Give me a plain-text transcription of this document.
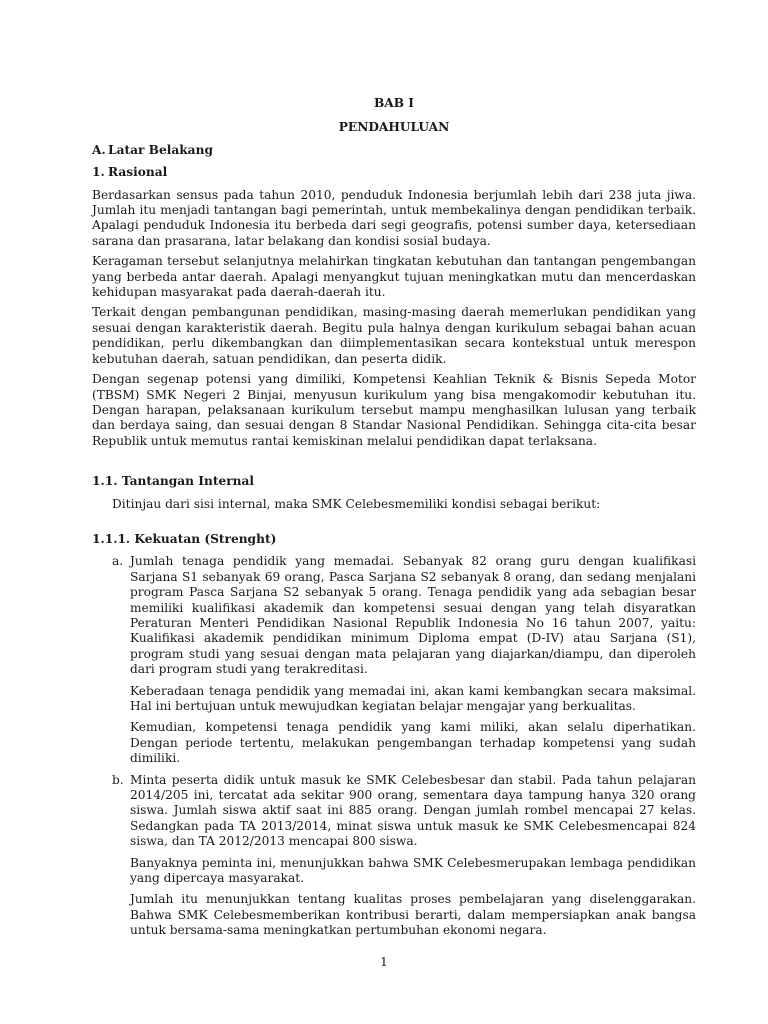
BAB I

PENDAHULUAN

A. Latar Belakang

1. Rasional

Berdasarkan sensus pada tahun 2010, penduduk Indonesia berjumlah lebih dari 238 juta jiwa. Jumlah itu menjadi tantangan bagi pemerintah, untuk membekalinya dengan pendidikan terbaik. Apalagi penduduk Indonesia itu berbeda dari segi geografis, potensi sumber daya, ketersediaan sarana dan prasarana, latar belakang dan kondisi sosial budaya.

Keragaman tersebut selanjutnya melahirkan tingkatan kebutuhan dan tantangan pengembangan yang berbeda antar daerah. Apalagi menyangkut tujuan meningkatkan mutu dan mencerdaskan kehidupan masyarakat pada daerah-daerah itu.

Terkait dengan pembangunan pendidikan, masing-masing daerah memerlukan pendidikan yang sesuai dengan karakteristik daerah. Begitu pula halnya dengan kurikulum sebagai bahan acuan pendidikan, perlu dikembangkan dan diimplementasikan secara kontekstual untuk merespon kebutuhan daerah, satuan pendidikan, dan peserta didik.

Dengan segenap potensi yang dimiliki, Kompetensi Keahlian Teknik & Bisnis Sepeda Motor (TBSM) SMK Negeri 2 Binjai, menyusun kurikulum yang bisa mengakomodir kebutuhan itu. Dengan harapan, pelaksanaan kurikulum tersebut mampu menghasilkan lulusan yang terbaik dan berdaya saing, dan sesuai dengan 8 Standar Nasional Pendidikan. Sehingga cita-cita besar Republik untuk memutus rantai kemiskinan melalui pendidikan dapat terlaksana.

1.1. Tantangan Internal

Ditinjau dari sisi internal, maka SMK Celebesmemiliki kondisi sebagai berikut:

1.1.1. Kekuatan (Strenght)

a. Jumlah tenaga pendidik yang memadai. Sebanyak 82 orang guru dengan kualifikasi Sarjana S1 sebanyak 69 orang, Pasca Sarjana S2 sebanyak 8 orang, dan sedang menjalani program Pasca Sarjana S2 sebanyak 5 orang. Tenaga pendidik yang ada sebagian besar memiliki kualifikasi akademik dan kompetensi sesuai dengan yang telah disyaratkan Peraturan Menteri Pendidikan Nasional Republik Indonesia No 16 tahun 2007, yaitu: Kualifikasi akademik pendidikan minimum Diploma empat (D-IV) atau Sarjana (S1), program studi yang sesuai dengan mata pelajaran yang diajarkan/diampu, dan diperoleh dari program studi yang terakreditasi.

Keberadaan tenaga pendidik yang memadai ini, akan kami kembangkan secara maksimal. Hal ini bertujuan untuk mewujudkan kegiatan belajar mengajar yang berkualitas.

Kemudian, kompetensi tenaga pendidik yang kami miliki, akan selalu diperhatikan. Dengan periode tertentu, melakukan pengembangan terhadap kompetensi yang sudah dimiliki.

b. Minta peserta didik untuk masuk ke SMK Celebesbesar dan stabil. Pada tahun pelajaran 2014/205 ini, tercatat ada sekitar 900 orang, sementara daya tampung hanya 320 orang siswa. Jumlah siswa aktif saat ini 885 orang. Dengan jumlah rombel mencapai 27 kelas. Sedangkan pada TA 2013/2014, minat siswa untuk masuk ke SMK Celebesmencapai 824 siswa, dan TA 2012/2013 mencapai 800 siswa.

Banyaknya peminta ini, menunjukkan bahwa SMK Celebesmerupakan lembaga pendidikan yang dipercaya masyarakat.

Jumlah itu menunjukkan tentang kualitas proses pembelajaran yang diselenggarakan. Bahwa SMK Celebesmemberikan kontribusi berarti, dalam mempersiapkan anak bangsa untuk bersama-sama meningkatkan pertumbuhan ekonomi negara.

1
